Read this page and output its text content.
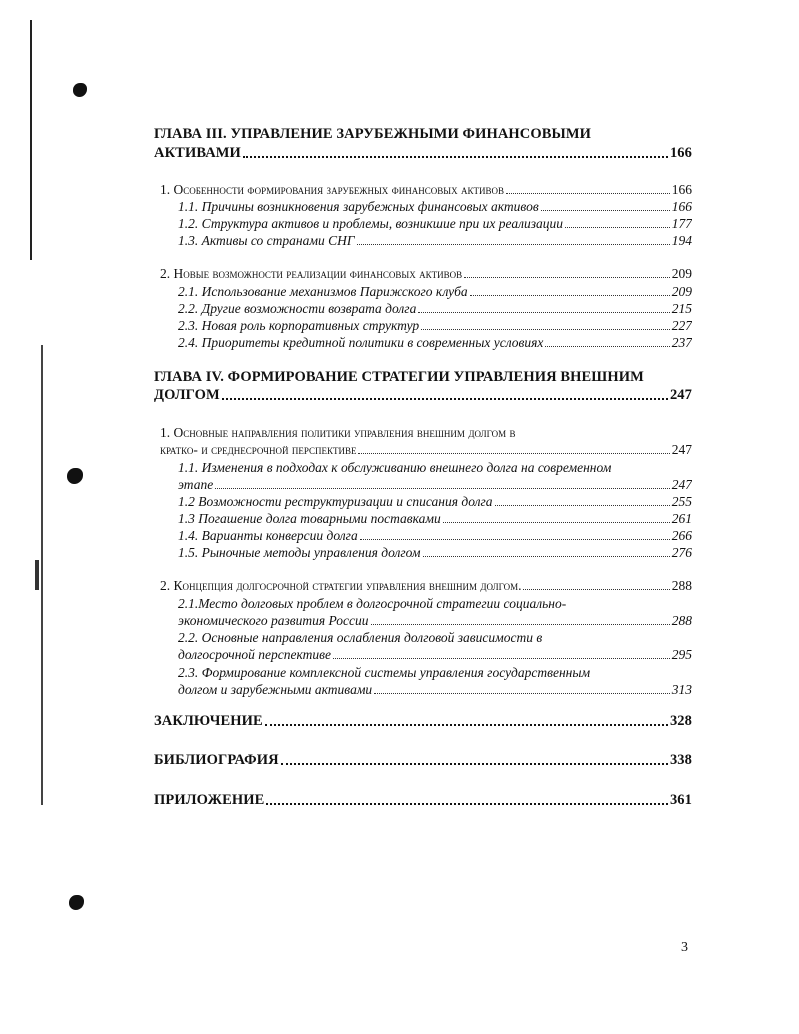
ГЛАВА III. УПРАВЛЕНИЕ ЗАРУБЕЖНЫМИ ФИНАНСОВЫМИ
АКТИВАМИ	166
1. Особенности формирования зарубежных финансовых активов	166
1.1. Причины возникновения зарубежных финансовых активов	166
1.2. Структура активов и проблемы, возникшие при их реализации	177
1.3. Активы со странами СНГ	194
2. Новые возможности реализации финансовых активов	209
2.1. Использование механизмов Парижского клуба	209
2.2. Другие возможности возврата долга	215
2.3. Новая роль корпоративных структур	227
2.4. Приоритеты кредитной политики в современных условиях	237
ГЛАВА IV. ФОРМИРОВАНИЕ СТРАТЕГИИ УПРАВЛЕНИЯ ВНЕШНИМ
ДОЛГОМ	247
1. Основные направления политики управления внешним долгом в
кратко- и среднесрочной перспективе	247
1.1. Изменения в подходах к обслуживанию внешнего долга на современном
этапе	247
1.2 Возможности реструктуризации и списания долга	255
1.3 Погашение долга товарными поставками	261
1.4. Варианты конверсии долга	266
1.5. Рыночные методы управления долгом	276
2. Концепция долгосрочной стратегии управления внешним долгом.	288
2.1.Место долговых проблем в долгосрочной стратегии социально-
экономического развития России	288
2.2. Основные направления ослабления долговой зависимости в
долгосрочной перспективе	295
2.3. Формирование комплексной системы управления государственным
долгом и зарубежными активами	313
ЗАКЛЮЧЕНИЕ	328
БИБЛИОГРАФИЯ	338
ПРИЛОЖЕНИЕ	361
3
